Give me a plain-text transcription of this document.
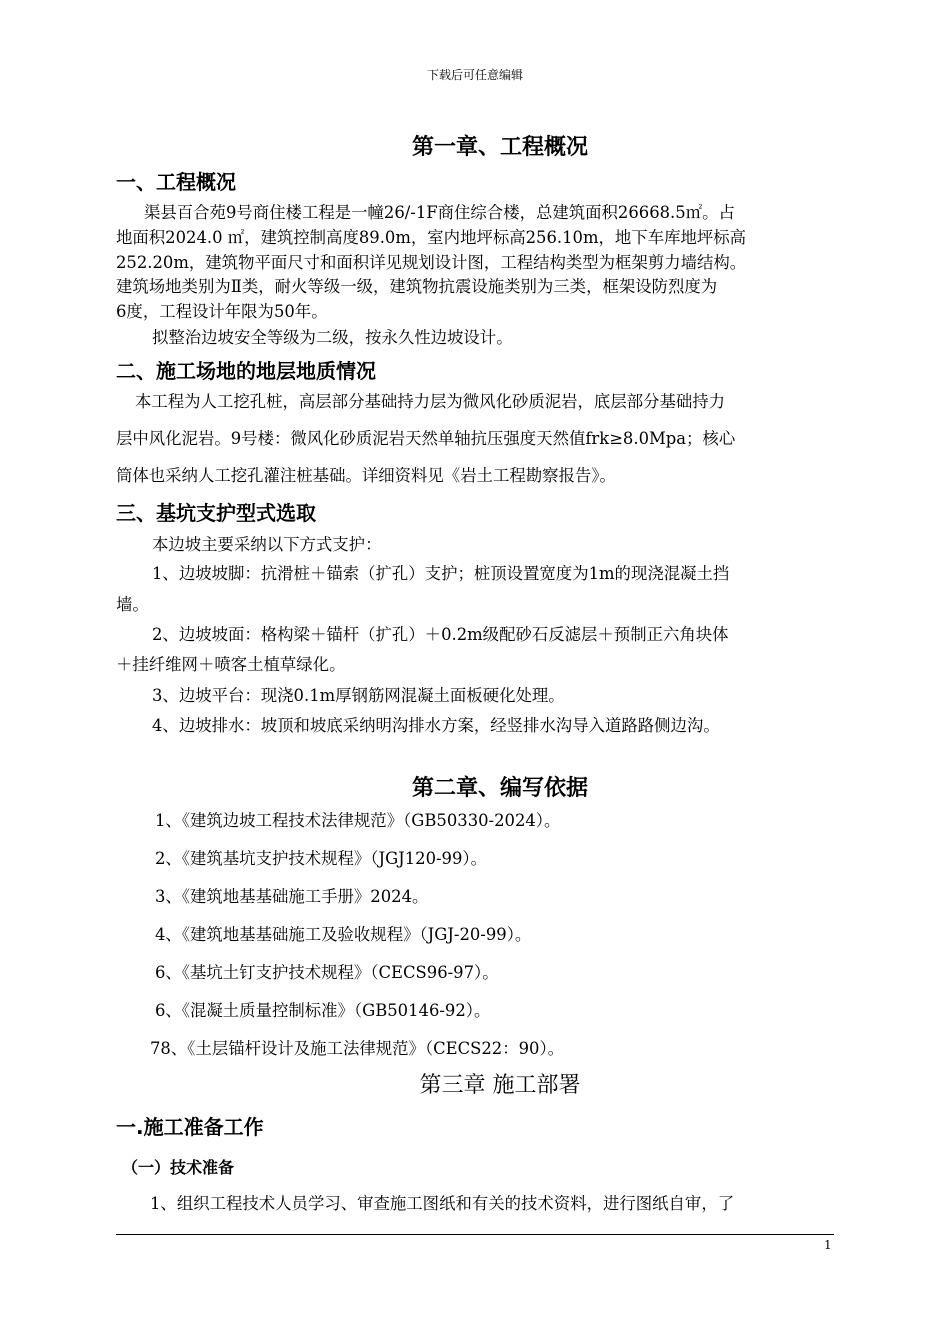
下载后可任意编辑
第一章、工程概况
一、工程概况
渠县百合苑9号商住楼工程是一幢26/-1F商住综合楼，总建筑面积26668.5㎡。占
地面积2024.0 ㎡，建筑控制高度89.0m，室内地坪标高256.10m，地下车库地坪标高
252.20m，建筑物平面尺寸和面积详见规划设计图，工程结构类型为框架剪力墙结构。
建筑场地类别为Ⅱ类，耐火等级一级，建筑物抗震设施类别为三类，框架设防烈度为
6度，工程设计年限为50年。
拟整治边坡安全等级为二级，按永久性边坡设计。
二、施工场地的地层地质情况
本工程为人工挖孔桩，高层部分基础持力层为微风化砂质泥岩，底层部分基础持力
层中风化泥岩。9号楼：微风化砂质泥岩天然单轴抗压强度天然值frk≥8.0Mpa；核心
筒体也采纳人工挖孔灌注桩基础。详细资料见《岩土工程勘察报告》。
三、基坑支护型式选取
本边坡主要采纳以下方式支护：
1、边坡坡脚：抗滑桩＋锚索（扩孔）支护；桩顶设置宽度为1m的现浇混凝土挡
墙。
2、边坡坡面：格构梁＋锚杆（扩孔）＋0.2m级配砂石反滤层＋预制正六角块体
＋挂纤维网＋喷客土植草绿化。
3、边坡平台：现浇0.1m厚钢筋网混凝土面板硬化处理。
4、边坡排水：坡顶和坡底采纳明沟排水方案，经竖排水沟导入道路路侧边沟。
第二章、编写依据
1、《建筑边坡工程技术法律规范》（GB50330-2024）。
2、《建筑基坑支护技术规程》（JGJ120-99）。
3、《建筑地基基础施工手册》2024。
4、《建筑地基基础施工及验收规程》（JGJ-20-99）。
6、《基坑土钉支护技术规程》（CECS96-97）。
6、《混凝土质量控制标准》（GB50146-92）。
78、《土层锚杆设计及施工法律规范》（CECS22：90）。
第三章 施工部署
一.施工准备工作
（一）技术准备
1、组织工程技术人员学习、审查施工图纸和有关的技术资料，进行图纸自审，了
1
